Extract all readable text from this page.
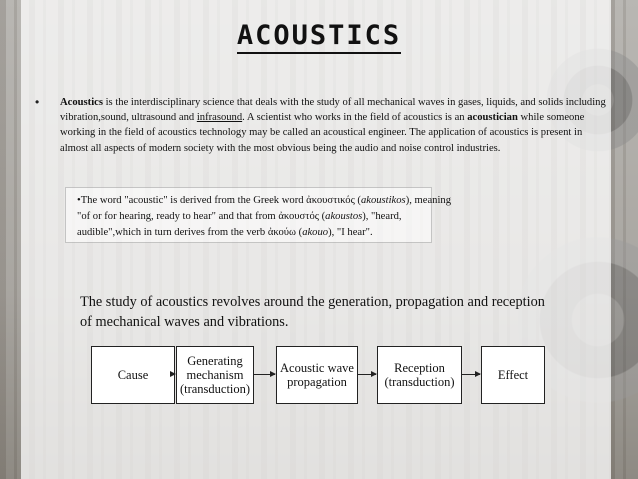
ACOUSTICS
• Acoustics is the interdisciplinary science that deals with the study of all mechanical waves in gases, liquids, and solids including vibration,sound, ultrasound and infrasound. A scientist who works in the field of acoustics is an acoustician while someone working in the field of acoustics technology may be called an acoustical engineer. The application of acoustics is present in almost all aspects of modern society with the most obvious being the audio and noise control industries.
•The word "acoustic" is derived from the Greek word ἀκουστικός (akoustikos), meaning
"of or for hearing, ready to hear" and that from ἀκουστός (akoustos), "heard,
audible",which in turn derives from the verb ἀκούω (akouo), "I hear".
The study of acoustics revolves around the generation, propagation and reception of mechanical waves and vibrations.
Cause
Generating
mechanism
(transduction)
Acoustic wave
propagation
Reception
(transduction)	Effect
